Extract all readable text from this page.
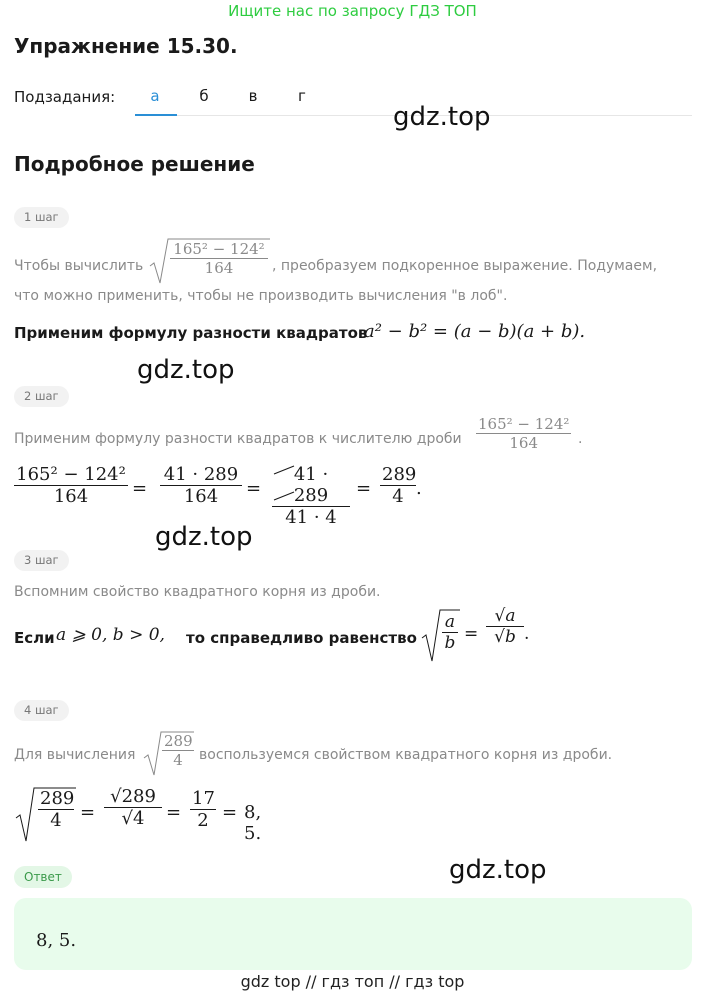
Ищите нас по запросу ГДЗ ТОП
Упражнение 15.30.
Подзадания:	а	б	в	г
gdz.top
Подробное решение
1 шаг
Чтобы вычислить $\frac{\text{165² − 124²}}{164}$ , преобразуем подкоренное выражение. Подумаем,
что можно применить, чтобы не производить вычисления "в лоб".
Применим формулу разности квадратов
a² − b² = (a − b)(a + b).
gdz.top
2 шаг
Применим формулу разности квадратов к числителю дроби $\frac{\text{165² − 124²}}{164}$ .
$\frac{\text{165² − 124²}}{164} = \frac{41 \cdot 289}{164} = \frac{41 \cdot 289}{41 \cdot 4} = \frac{289}{4}$ .
gdz.top
3 шаг
Вспомним свойство квадратного корня из дроби.
Если a ⩾ 0, b > 0, то справедливо равенство $\frac{a}{b} = \frac{√a}{√b}$ .
4 шаг
Для вычисления $\frac{289}{4}$ воспользуемся свойством квадратного корня из дроби.
$\frac{289}{4} = \frac{√289}{√4} = \frac{17}{2} = 8$, 5.
gdz.top
Ответ
8, 5.
gdz top // гдз топ // гдз top
